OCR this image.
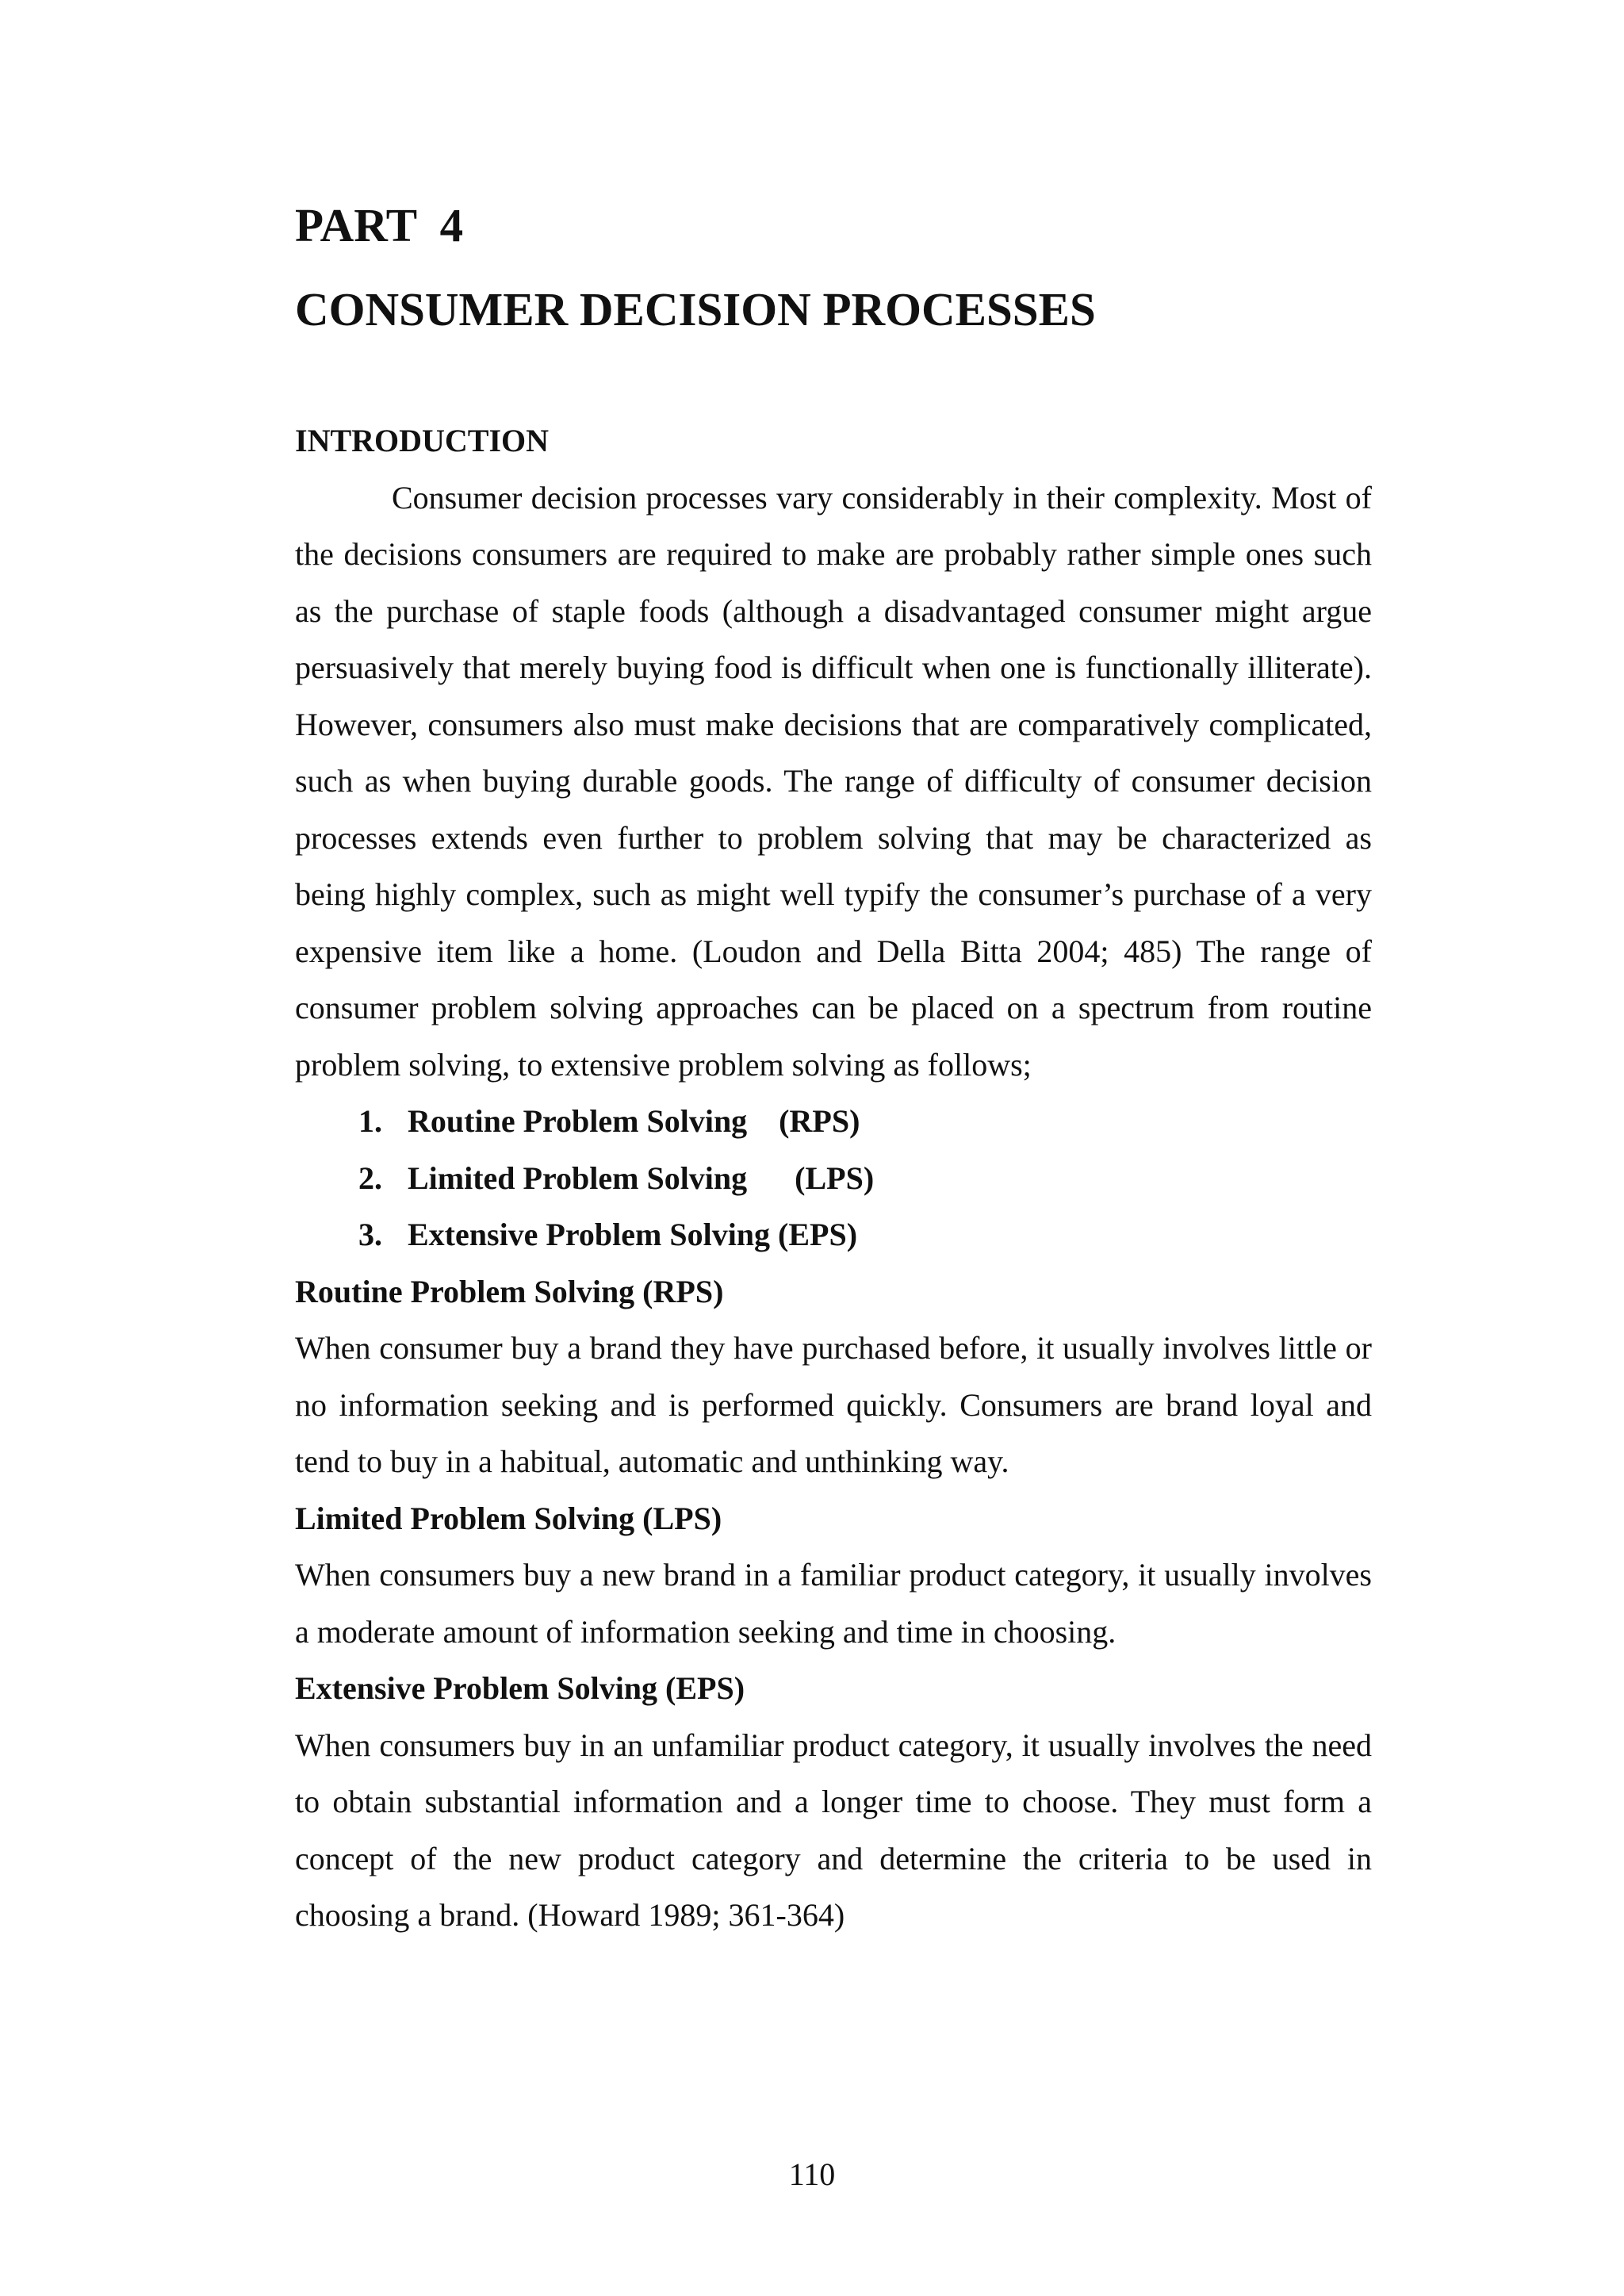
PART  4
CONSUMER DECISION PROCESSES

INTRODUCTION

Consumer decision processes vary considerably in their complexity. Most of the decisions consumers are required to make are probably rather simple ones such as the purchase of staple foods (although a disadvantaged consumer might argue persuasively that merely buying food is difficult when one is functionally illiterate). However, consumers also must make decisions that are comparatively complicated, such as when buying durable goods. The range of difficulty of consumer decision processes extends even further to problem solving that may be characterized as being highly complex, such as might well typify the consumer’s purchase of a very expensive item like a home. (Loudon and Della Bitta 2004; 485) The range of consumer problem solving approaches can be placed on a spectrum from routine problem solving, to extensive problem solving as follows;

1. Routine Problem Solving    (RPS)
2. Limited Problem Solving      (LPS)
3. Extensive Problem Solving (EPS)

Routine Problem Solving (RPS)

When consumer buy a brand they have purchased before, it usually involves little or no information seeking and is performed quickly. Consumers are brand loyal and tend to buy in a habitual, automatic and unthinking way.

Limited Problem Solving (LPS)

When consumers buy a new brand in a familiar product category, it usually involves a moderate amount of information seeking and time in choosing.

Extensive Problem Solving (EPS)

When consumers buy in an unfamiliar product category, it usually involves the need to obtain substantial information and a longer time to choose. They must form a concept of the new product category and determine the criteria to be used in choosing a brand. (Howard 1989; 361-364)

110
